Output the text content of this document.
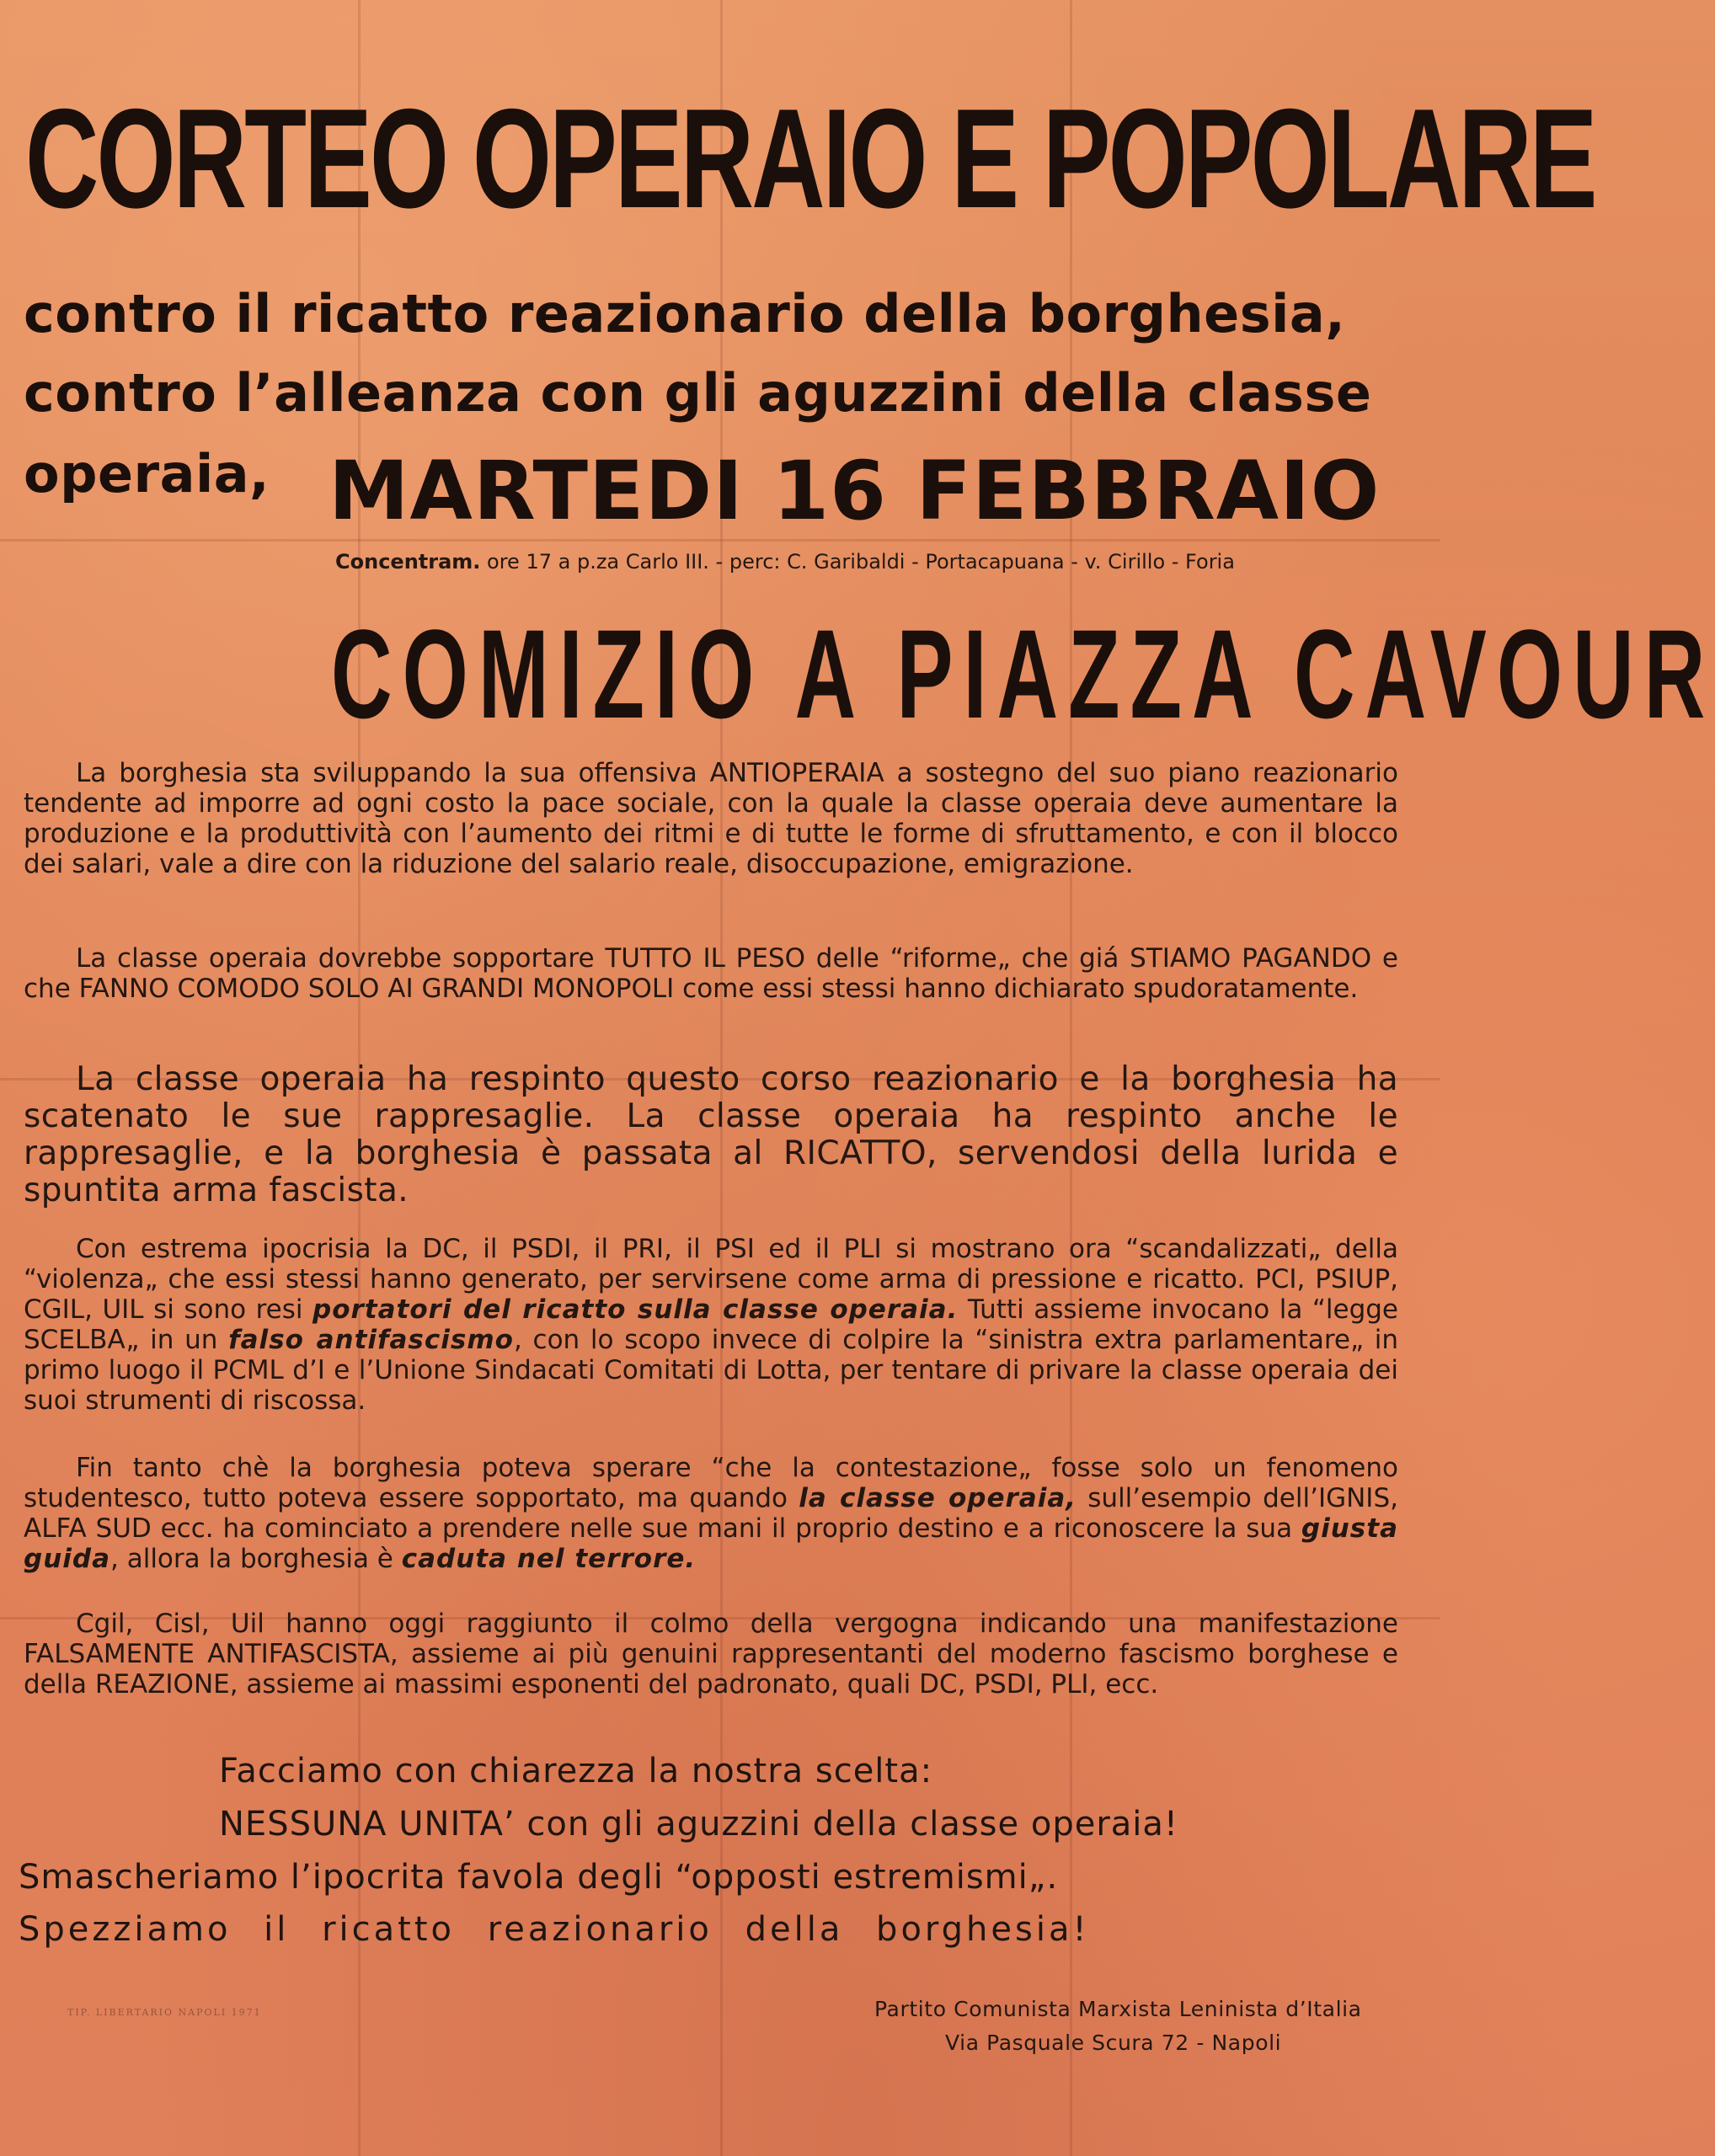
CORTEO OPERAIO E POPOLARE
contro il ricatto reazionario della borghesia,
contro l’alleanza con gli aguzzini della classe
operaia, MARTEDI 16 FEBBRAIO
Concentram. ore 17 a p.za Carlo III. - perc: C. Garibaldi - Portacapuana - v. Cirillo - Foria
COMIZIO A PIAZZA CAVOUR
La borghesia sta sviluppando la sua offensiva ANTIOPERAIA a sostegno del suo piano reazionario tendente ad imporre ad ogni costo la pace sociale, con la quale la classe operaia deve aumentare la produzione e la produttività con l’aumento dei ritmi e di tutte le forme di sfruttamento, e con il blocco dei salari, vale a dire con la riduzione del salario reale, disoccupazione, emigrazione.
La classe operaia dovrebbe sopportare TUTTO IL PESO delle “riforme„ che giá STIAMO PAGANDO e che FANNO COMODO SOLO AI GRANDI MONOPOLI come essi stessi hanno dichiarato spudoratamente.
La classe operaia ha respinto questo corso reazionario e la borghesia ha scatenato le sue rappresaglie. La classe operaia ha respinto anche le rappresaglie, e la borghesia è passata al RICATTO, servendosi della lurida e spuntita arma fascista.
Con estrema ipocrisia la DC, il PSDI, il PRI, il PSI ed il PLI si mostrano ora “scandalizzati„ della “violenza„ che essi stessi hanno generato, per servirsene come arma di pressione e ricatto. PCI, PSIUP, CGIL, UIL si sono resi portatori del ricatto sulla classe operaia. Tutti assieme invocano la “legge SCELBA„ in un falso antifascismo, con lo scopo invece di colpire la “sinistra extra parlamentare„ in primo luogo il PCML d’I e l’Unione Sindacati Comitati di Lotta, per tentare di privare la classe operaia dei suoi strumenti di riscossa.
Fin tanto chè la borghesia poteva sperare “che la contestazione„ fosse solo un fenomeno studentesco, tutto poteva essere sopportato, ma quando la classe operaia, sull’esempio dell’IGNIS, ALFA SUD ecc. ha cominciato a prendere nelle sue mani il proprio destino e a riconoscere la sua giusta guida, allora la borghesia è caduta nel terrore.
Cgil, Cisl, Uil hanno oggi raggiunto il colmo della vergogna indicando una manifestazione FALSAMENTE ANTIFASCISTA, assieme ai più genuini rappresentanti del moderno fascismo borghese e della REAZIONE, assieme ai massimi esponenti del padronato, quali DC, PSDI, PLI, ecc.
Facciamo con chiarezza la nostra scelta:
NESSUNA UNITA’ con gli aguzzini della classe operaia!
Smascheriamo l’ipocrita favola degli “opposti estremismi„.
Spezziamo il ricatto reazionario della borghesia!
TIP. LIBERTARIO NAPOLI 1971	Partito Comunista Marxista Leninista d’Italia
Via Pasquale Scura 72 - Napoli
